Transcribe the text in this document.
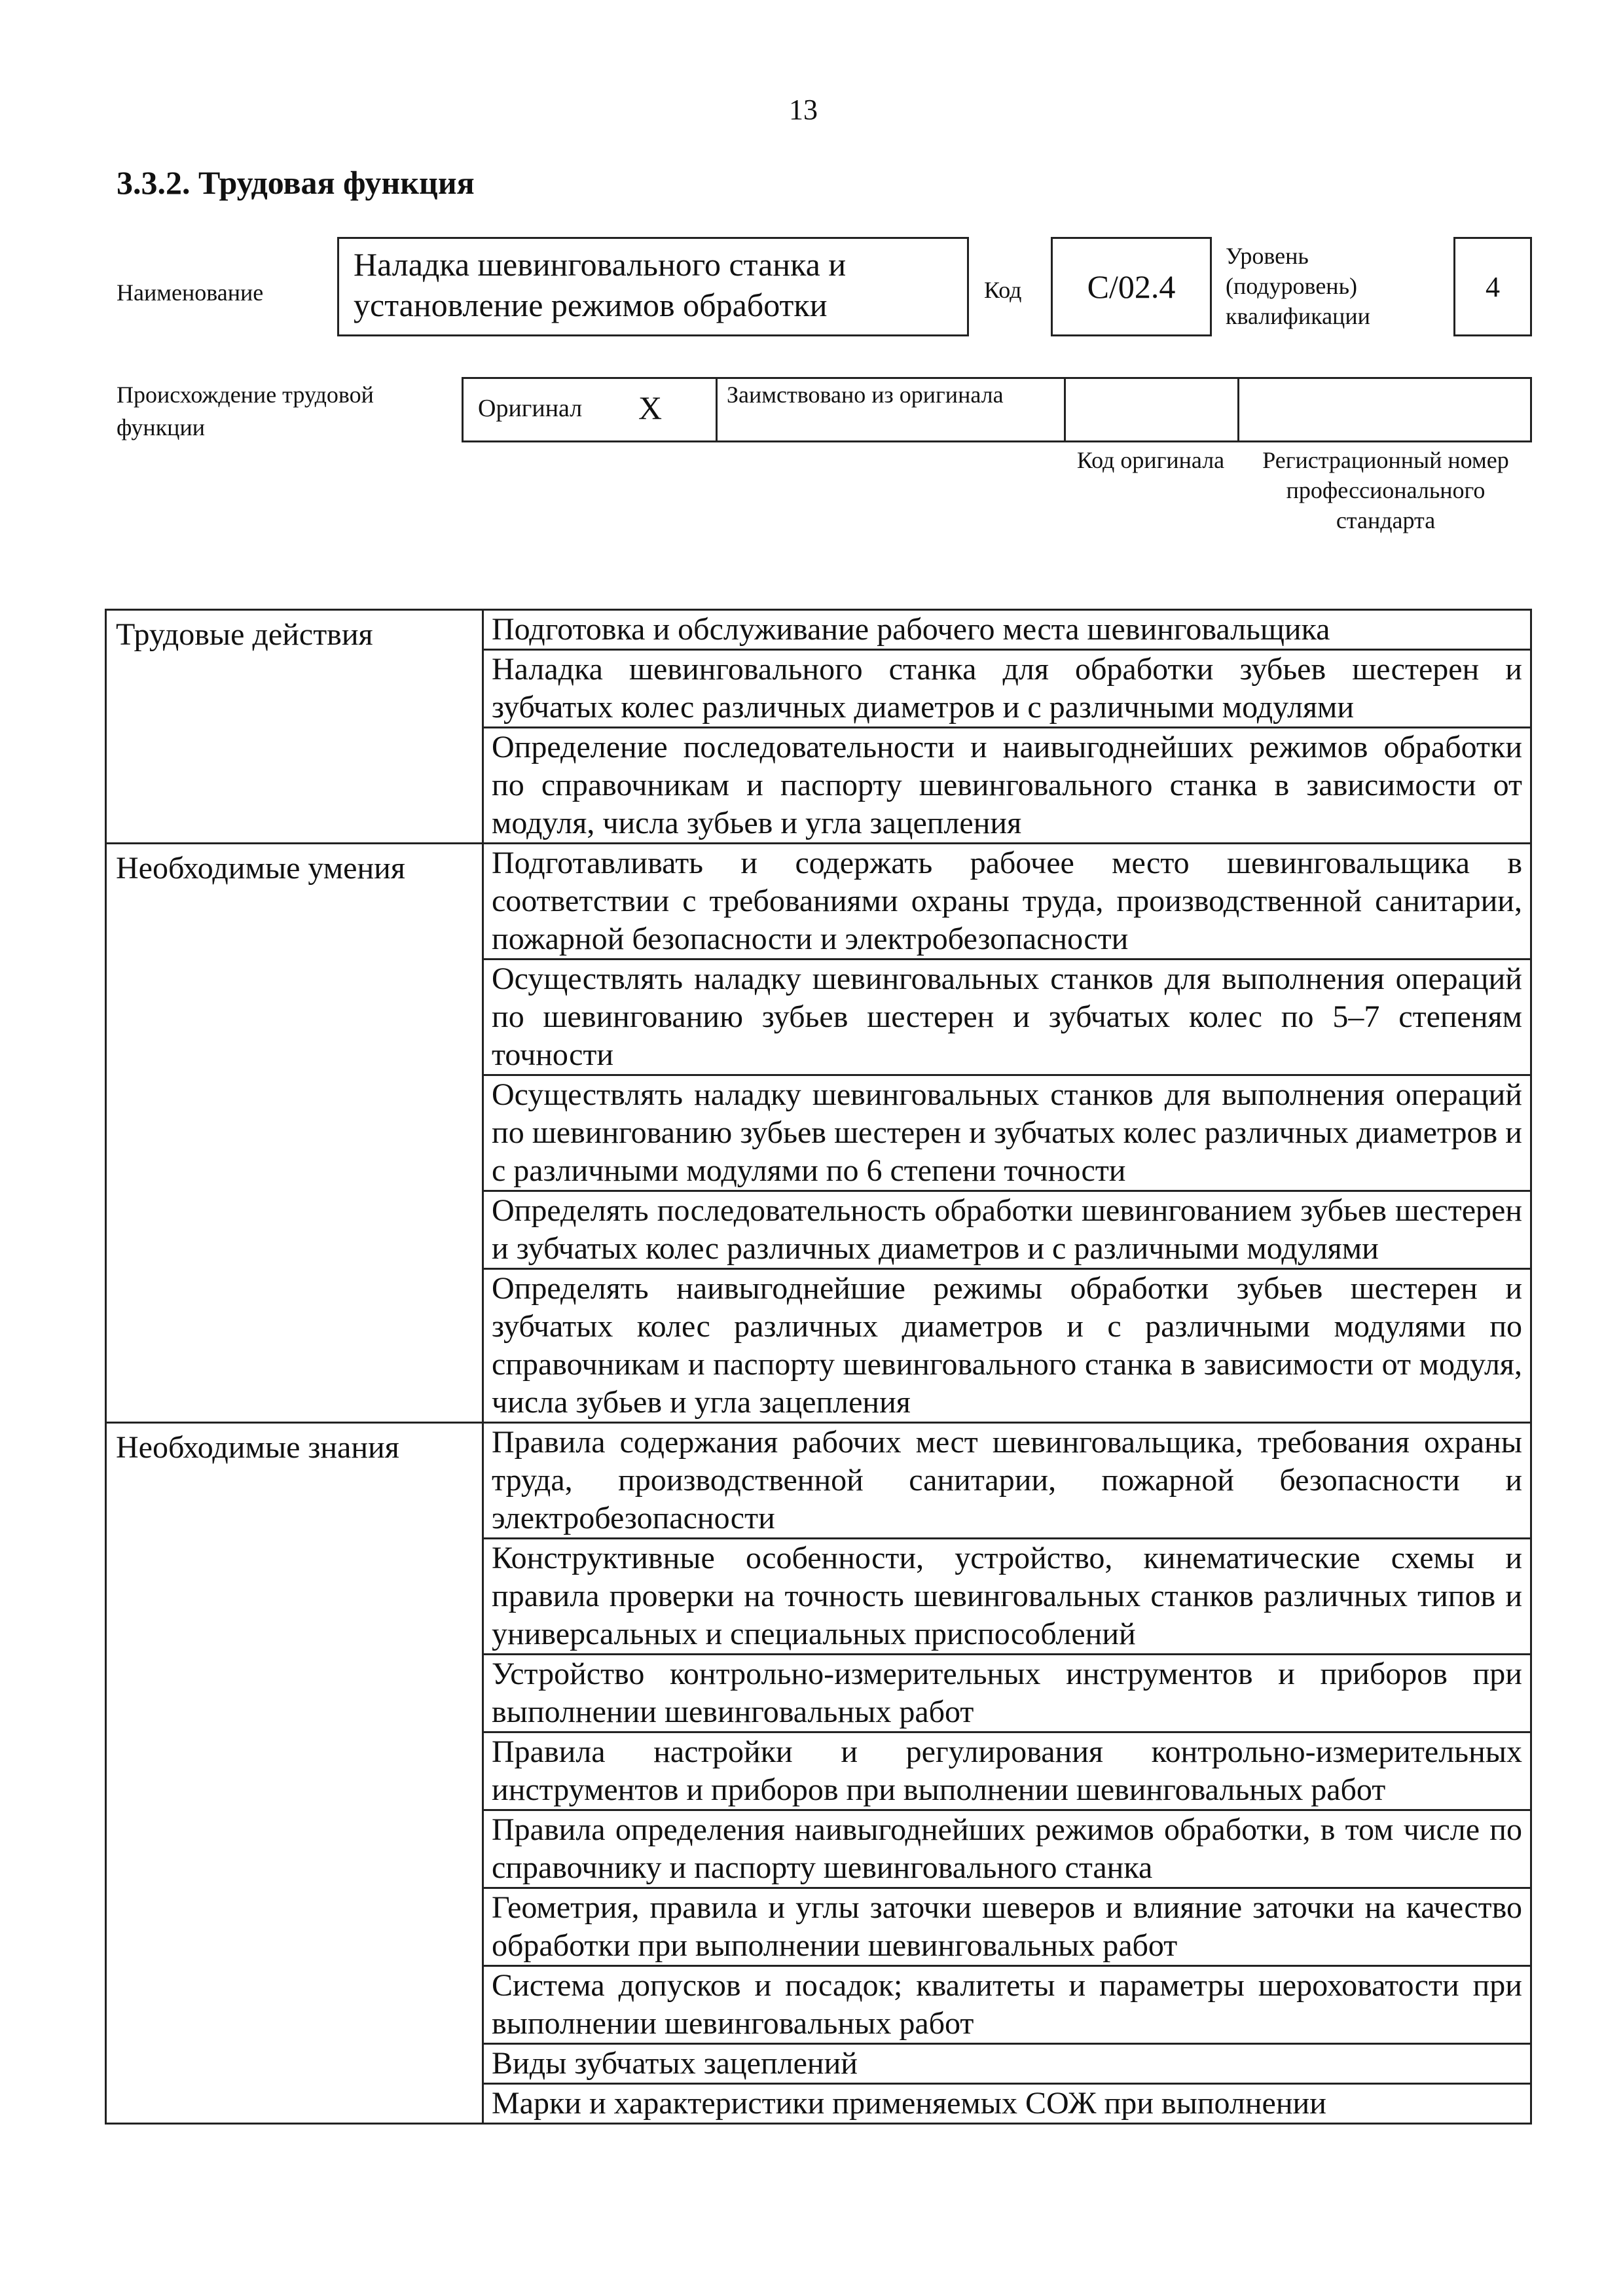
13
3.3.2. Трудовая функция
Наименование
Наладка шевинговального станка и установление режимов обработки	Код	С/02.4
Уровень (подуровень) квалификации
4
Происхождение трудовой функции
Оригинал X	Заимствовано из оригинала
Код оригинала	Регистрационный номер профессионального стандарта
Трудовые действия	Подготовка и обслуживание рабочего места шевинговальщика
	Наладка шевинговального станка для обработки зубьев шестерен и зубчатых колес различных диаметров и с различными модулями
	Определение последовательности и наивыгоднейших режимов обработки по справочникам и паспорту шевинговального станка в зависимости от модуля, числа зубьев и угла зацепления
Необходимые умения	Подготавливать и содержать рабочее место шевинговальщика в соответствии с требованиями охраны труда, производственной санитарии, пожарной безопасности и электробезопасности
	Осуществлять наладку шевинговальных станков для выполнения операций по шевингованию зубьев шестерен и зубчатых колес по 5–7 степеням точности
	Осуществлять наладку шевинговальных станков для выполнения операций по шевингованию зубьев шестерен и зубчатых колес различных диаметров и с различными модулями по 6 степени точности
	Определять последовательность обработки шевингованием зубьев шестерен и зубчатых колес различных диаметров и с различными модулями
	Определять наивыгоднейшие режимы обработки зубьев шестерен и зубчатых колес различных диаметров и с различными модулями по справочникам и паспорту шевинговального станка в зависимости от модуля, числа зубьев и угла зацепления
Необходимые знания	Правила содержания рабочих мест шевинговальщика, требования охраны труда, производственной санитарии, пожарной безопасности и электробезопасности
	Конструктивные особенности, устройство, кинематические схемы и правила проверки на точность шевинговальных станков различных типов и универсальных и специальных приспособлений
	Устройство контрольно-измерительных инструментов и приборов при выполнении шевинговальных работ
	Правила настройки и регулирования контрольно-измерительных инструментов и приборов при выполнении шевинговальных работ
	Правила определения наивыгоднейших режимов обработки, в том числе по справочнику и паспорту шевинговального станка
	Геометрия, правила и углы заточки шеверов и влияние заточки на качество обработки при выполнении шевинговальных работ
	Система допусков и посадок; квалитеты и параметры шероховатости при выполнении шевинговальных работ
	Виды зубчатых зацеплений
	Марки и характеристики применяемых СОЖ при выполнении
